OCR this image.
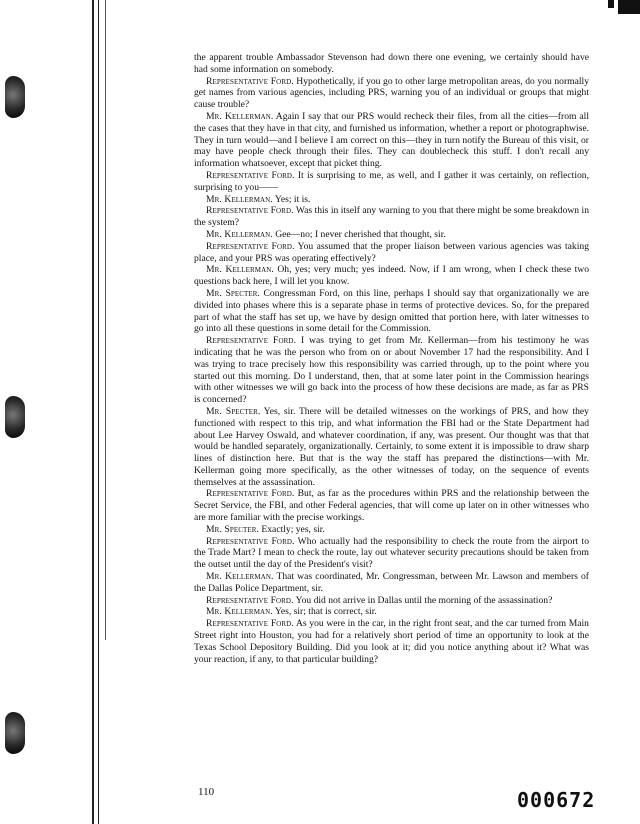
the apparent trouble Ambassador Stevenson had down there one evening, we certainly should have had some information on somebody.

Representative Ford. Hypothetically, if you go to other large metropolitan areas, do you normally get names from various agencies, including PRS, warning you of an individual or groups that might cause trouble?

Mr. Kellerman. Again I say that our PRS would recheck their files, from all the cities—from all the cases that they have in that city, and furnished us information, whether a report or photographwise. They in turn would—and I believe I am correct on this—they in turn notify the Bureau of this visit, or may have people check through their files. They can doublecheck this stuff. I don't recall any information whatsoever, except that picket thing.

Representative Ford. It is surprising to me, as well, and I gather it was certainly, on reflection, surprising to you——

Mr. Kellerman. Yes; it is.

Representative Ford. Was this in itself any warning to you that there might be some breakdown in the system?

Mr. Kellerman. Gee—no; I never cherished that thought, sir.

Representative Ford. You assumed that the proper liaison between various agencies was taking place, and your PRS was operating effectively?

Mr. Kellerman. Oh, yes; very much; yes indeed. Now, if I am wrong, when I check these two questions back here, I will let you know.

Mr. Specter. Congressman Ford, on this line, perhaps I should say that organizationally we are divided into phases where this is a separate phase in terms of protective devices. So, for the prepared part of what the staff has set up, we have by design omitted that portion here, with later witnesses to go into all these questions in some detail for the Commission.

Representative Ford. I was trying to get from Mr. Kellerman—from his testimony he was indicating that he was the person who from on or about November 17 had the responsibility. And I was trying to trace precisely how this responsibility was carried through, up to the point where you started out this morning. Do I understand, then, that at some later point in the Commission hearings with other witnesses we will go back into the process of how these decisions are made, as far as PRS is concerned?

Mr. Specter. Yes, sir. There will be detailed witnesses on the workings of PRS, and how they functioned with respect to this trip, and what information the FBI had or the State Department had about Lee Harvey Oswald, and whatever coordination, if any, was present. Our thought was that that would be handled separately, organizationally. Certainly, to some extent it is impossible to draw sharp lines of distinction here. But that is the way the staff has prepared the distinctions—with Mr. Kellerman going more specifically, as the other witnesses of today, on the sequence of events themselves at the assassination.

Representative Ford. But, as far as the procedures within PRS and the relationship between the Secret Service, the FBI, and other Federal agencies, that will come up later on in other witnesses who are more familiar with the precise workings.

Mr. Specter. Exactly; yes, sir.

Representative Ford. Who actually had the responsibility to check the route from the airport to the Trade Mart? I mean to check the route, lay out whatever security precautions should be taken from the outset until the day of the President's visit?

Mr. Kellerman. That was coordinated, Mr. Congressman, between Mr. Lawson and members of the Dallas Police Department, sir.

Representative Ford. You did not arrive in Dallas until the morning of the assassination?

Mr. Kellerman. Yes, sir; that is correct, sir.

Representative Ford. As you were in the car, in the right front seat, and the car turned from Main Street right into Houston, you had for a relatively short period of time an opportunity to look at the Texas School Depository Building. Did you look at it; did you notice anything about it? What was your reaction, if any, to that particular building?

110	000672
